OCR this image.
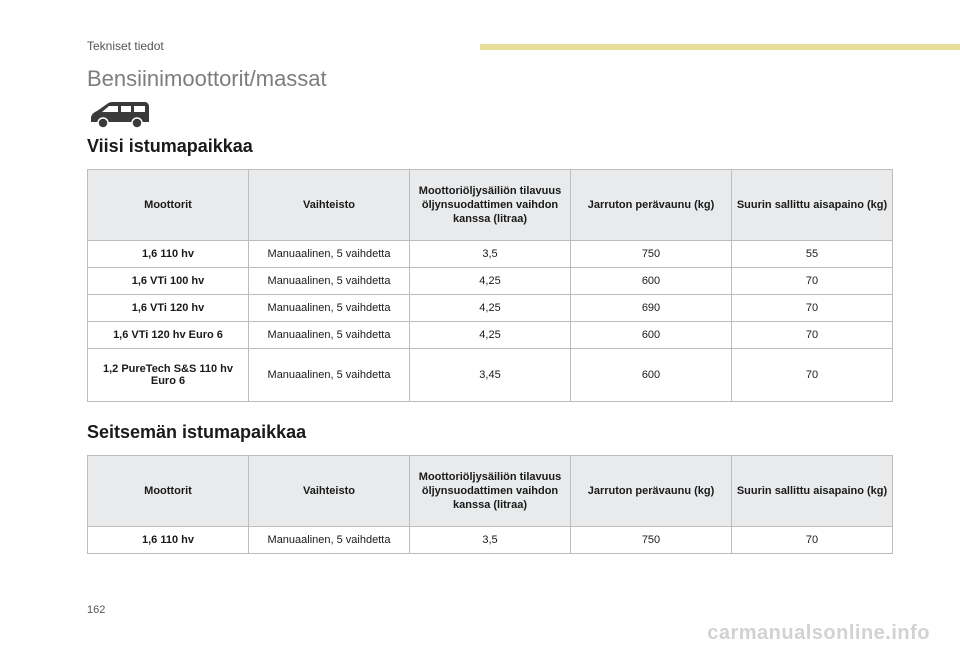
Tekniset tiedot
Bensiinimoottorit/massat
Viisi istumapaikkaa
Moottorit	Vaihteisto	Moottoriöljysäiliön tilavuus öljynsuodattimen vaihdon kanssa (litraa)	Jarruton perävaunu (kg)	Suurin sallittu aisapaino (kg)
1,6 110 hv	Manuaalinen, 5 vaihdetta	3,5	750	55
1,6 VTi 100 hv	Manuaalinen, 5 vaihdetta	4,25	600	70
1,6 VTi 120 hv	Manuaalinen, 5 vaihdetta	4,25	690	70
1,6 VTi 120 hv Euro 6	Manuaalinen, 5 vaihdetta	4,25	600	70
1,2 PureTech S&S 110 hv Euro 6	Manuaalinen, 5 vaihdetta	3,45	600	70
Seitsemän istumapaikkaa
Moottorit	Vaihteisto	Moottoriöljysäiliön tilavuus öljynsuodattimen vaihdon kanssa (litraa)	Jarruton perävaunu (kg)	Suurin sallittu aisapaino (kg)
1,6 110 hv	Manuaalinen, 5 vaihdetta	3,5	750	70
162
carmanualsonline.info
